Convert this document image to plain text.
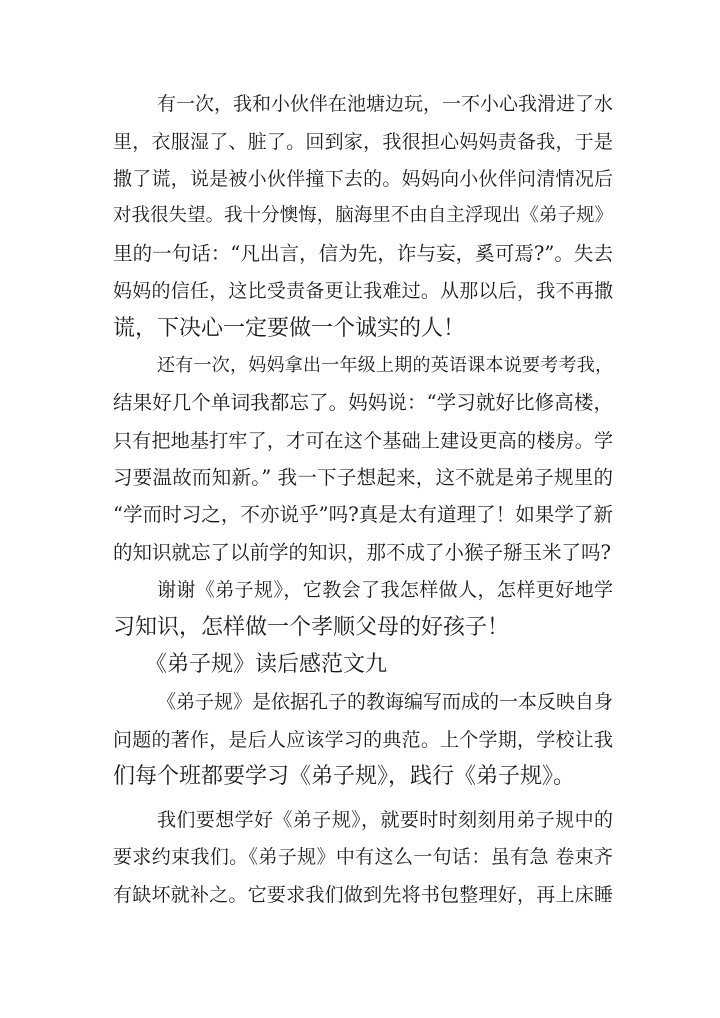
有一次，我和小伙伴在池塘边玩，一不小心我滑进了水
里，衣服湿了、脏了。回到家，我很担心妈妈责备我，于是
撒了谎，说是被小伙伴撞下去的。妈妈向小伙伴问清情况后
对我很失望。我十分懊悔，脑海里不由自主浮现出《弟子规》
里的一句话：“凡出言，信为先，诈与妄，奚可焉?”。失去
妈妈的信任，这比受责备更让我难过。从那以后，我不再撒
谎，下决心一定要做一个诚实的人！
还有一次，妈妈拿出一年级上期的英语课本说要考考我，
结果好几个单词我都忘了。妈妈说：“学习就好比修高楼，
只有把地基打牢了，才可在这个基础上建设更高的楼房。学
习要温故而知新。” 我一下子想起来，这不就是弟子规里的
“学而时习之，不亦说乎”吗?真是太有道理了！如果学了新
的知识就忘了以前学的知识，那不成了小猴子掰玉米了吗?
谢谢《弟子规》，它教会了我怎样做人，怎样更好地学
习知识，怎样做一个孝顺父母的好孩子！
《弟子规》读后感范文九
《弟子规》是依据孔子的教诲编写而成的一本反映自身
问题的著作，是后人应该学习的典范。上个学期，学校让我
们每个班都要学习《弟子规》，践行《弟子规》。
我们要想学好《弟子规》，就要时时刻刻用弟子规中的
要求约束我们。《弟子规》中有这么一句话：虽有急 卷束齐
有缺坏就补之。它要求我们做到先将书包整理好，再上床睡
